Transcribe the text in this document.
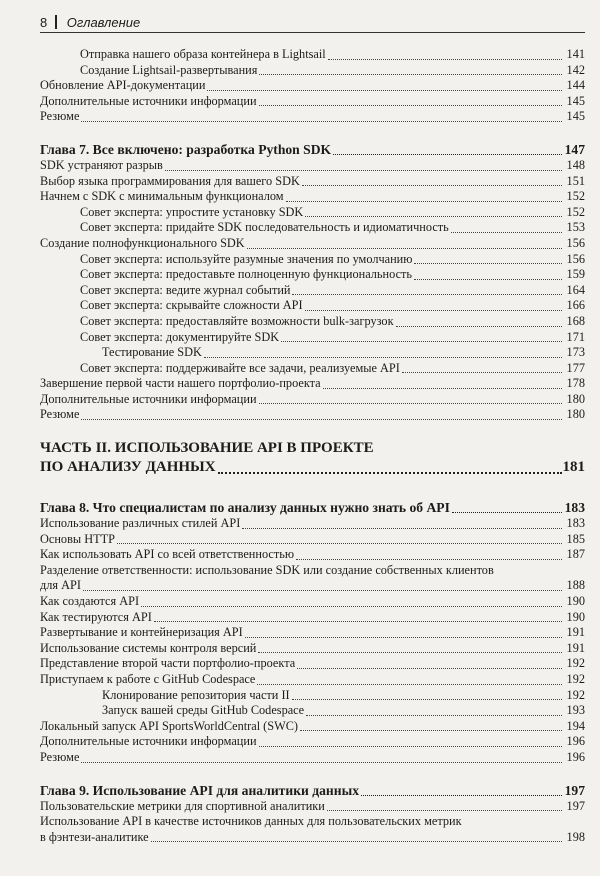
8 Оглавление
Отправка нашего образа контейнера в Lightsail	141
Создание Lightsail-развертывания	142
Обновление API-документации	144
Дополнительные источники информации	145
Резюме	145
Глава 7. Все включено: разработка Python SDK	147
SDK устраняют разрыв	148
Выбор языка программирования для вашего SDK	151
Начнем с SDK с минимальным функционалом	152
Совет эксперта: упростите установку SDK	152
Совет эксперта: придайте SDK последовательность и идиоматичность	153
Создание полнофункционального SDK	156
Совет эксперта: используйте разумные значения по умолчанию	156
Совет эксперта: предоставьте полноценную функциональность	159
Совет эксперта: ведите журнал событий	164
Совет эксперта: скрывайте сложности API	166
Совет эксперта: предоставляйте возможности bulk-загрузок	168
Совет эксперта: документируйте SDK	171
Тестирование SDK	173
Совет эксперта: поддерживайте все задачи, реализуемые API	177
Завершение первой части нашего портфолио-проекта	178
Дополнительные источники информации	180
Резюме	180
ЧАСТЬ II. ИСПОЛЬЗОВАНИЕ API В ПРОЕКТЕ
ПО АНАЛИЗУ ДАННЫХ	181
Глава 8. Что специалистам по анализу данных нужно знать об API	183
Использование различных стилей API	183
Основы HTTP	185
Как использовать API со всей ответственностью	187
Разделение ответственности: использование SDK или создание собственных клиентов
для API	188
Как создаются API	190
Как тестируются API	190
Развертывание и контейнеризация API	191
Использование системы контроля версий	191
Представление второй части портфолио-проекта	192
Приступаем к работе с GitHub Codespace	192
Клонирование репозитория части II	192
Запуск вашей среды GitHub Codespace	193
Локальный запуск API SportsWorldCentral (SWC)	194
Дополнительные источники информации	196
Резюме	196
Глава 9. Использование API для аналитики данных	197
Пользовательские метрики для спортивной аналитики	197
Использование API в качестве источников данных для пользовательских метрик
в фэнтези-аналитике	198
